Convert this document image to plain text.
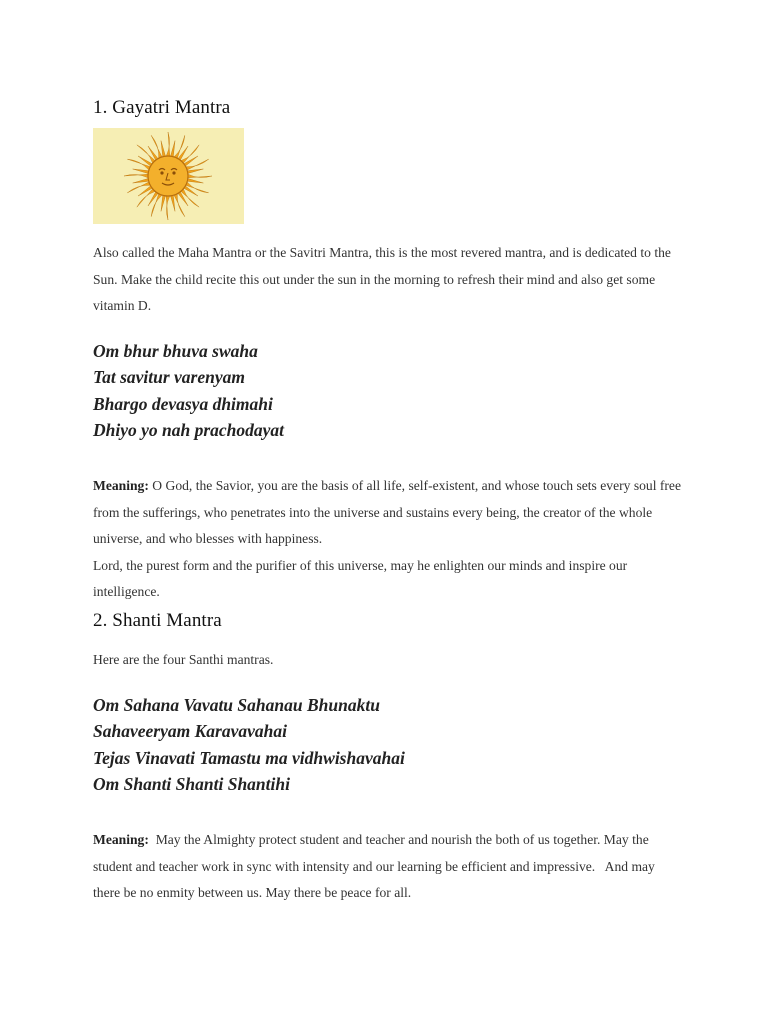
1. Gayatri Mantra

Also called the Maha Mantra or the Savitri Mantra, this is the most revered mantra, and is dedicated to the Sun. Make the child recite this out under the sun in the morning to refresh their mind and also get some vitamin D.

Om bhur bhuva swaha
Tat savitur varenyam
Bhargo devasya dhimahi
Dhiyo yo nah prachodayat
Meaning: O God, the Savior, you are the basis of all life, self-existent, and whose touch sets every soul free from the sufferings, who penetrates into the universe and sustains every being, the creator of the whole universe, and who blesses with happiness.
Lord, the purest form and the purifier of this universe, may he enlighten our minds and inspire our intelligence.
2. Shanti Mantra

Here are the four Santhi mantras.

Om Sahana Vavatu Sahanau Bhunaktu
Sahaveeryam Karavavahai
Tejas Vinavati Tamastu ma vidhwishavahai
Om Shanti Shanti Shantihi
Meaning:  May the Almighty protect student and teacher and nourish the both of us together. May the student and teacher work in sync with intensity and our learning be efficient and impressive.   And may there be no enmity between us. May there be peace for all.
